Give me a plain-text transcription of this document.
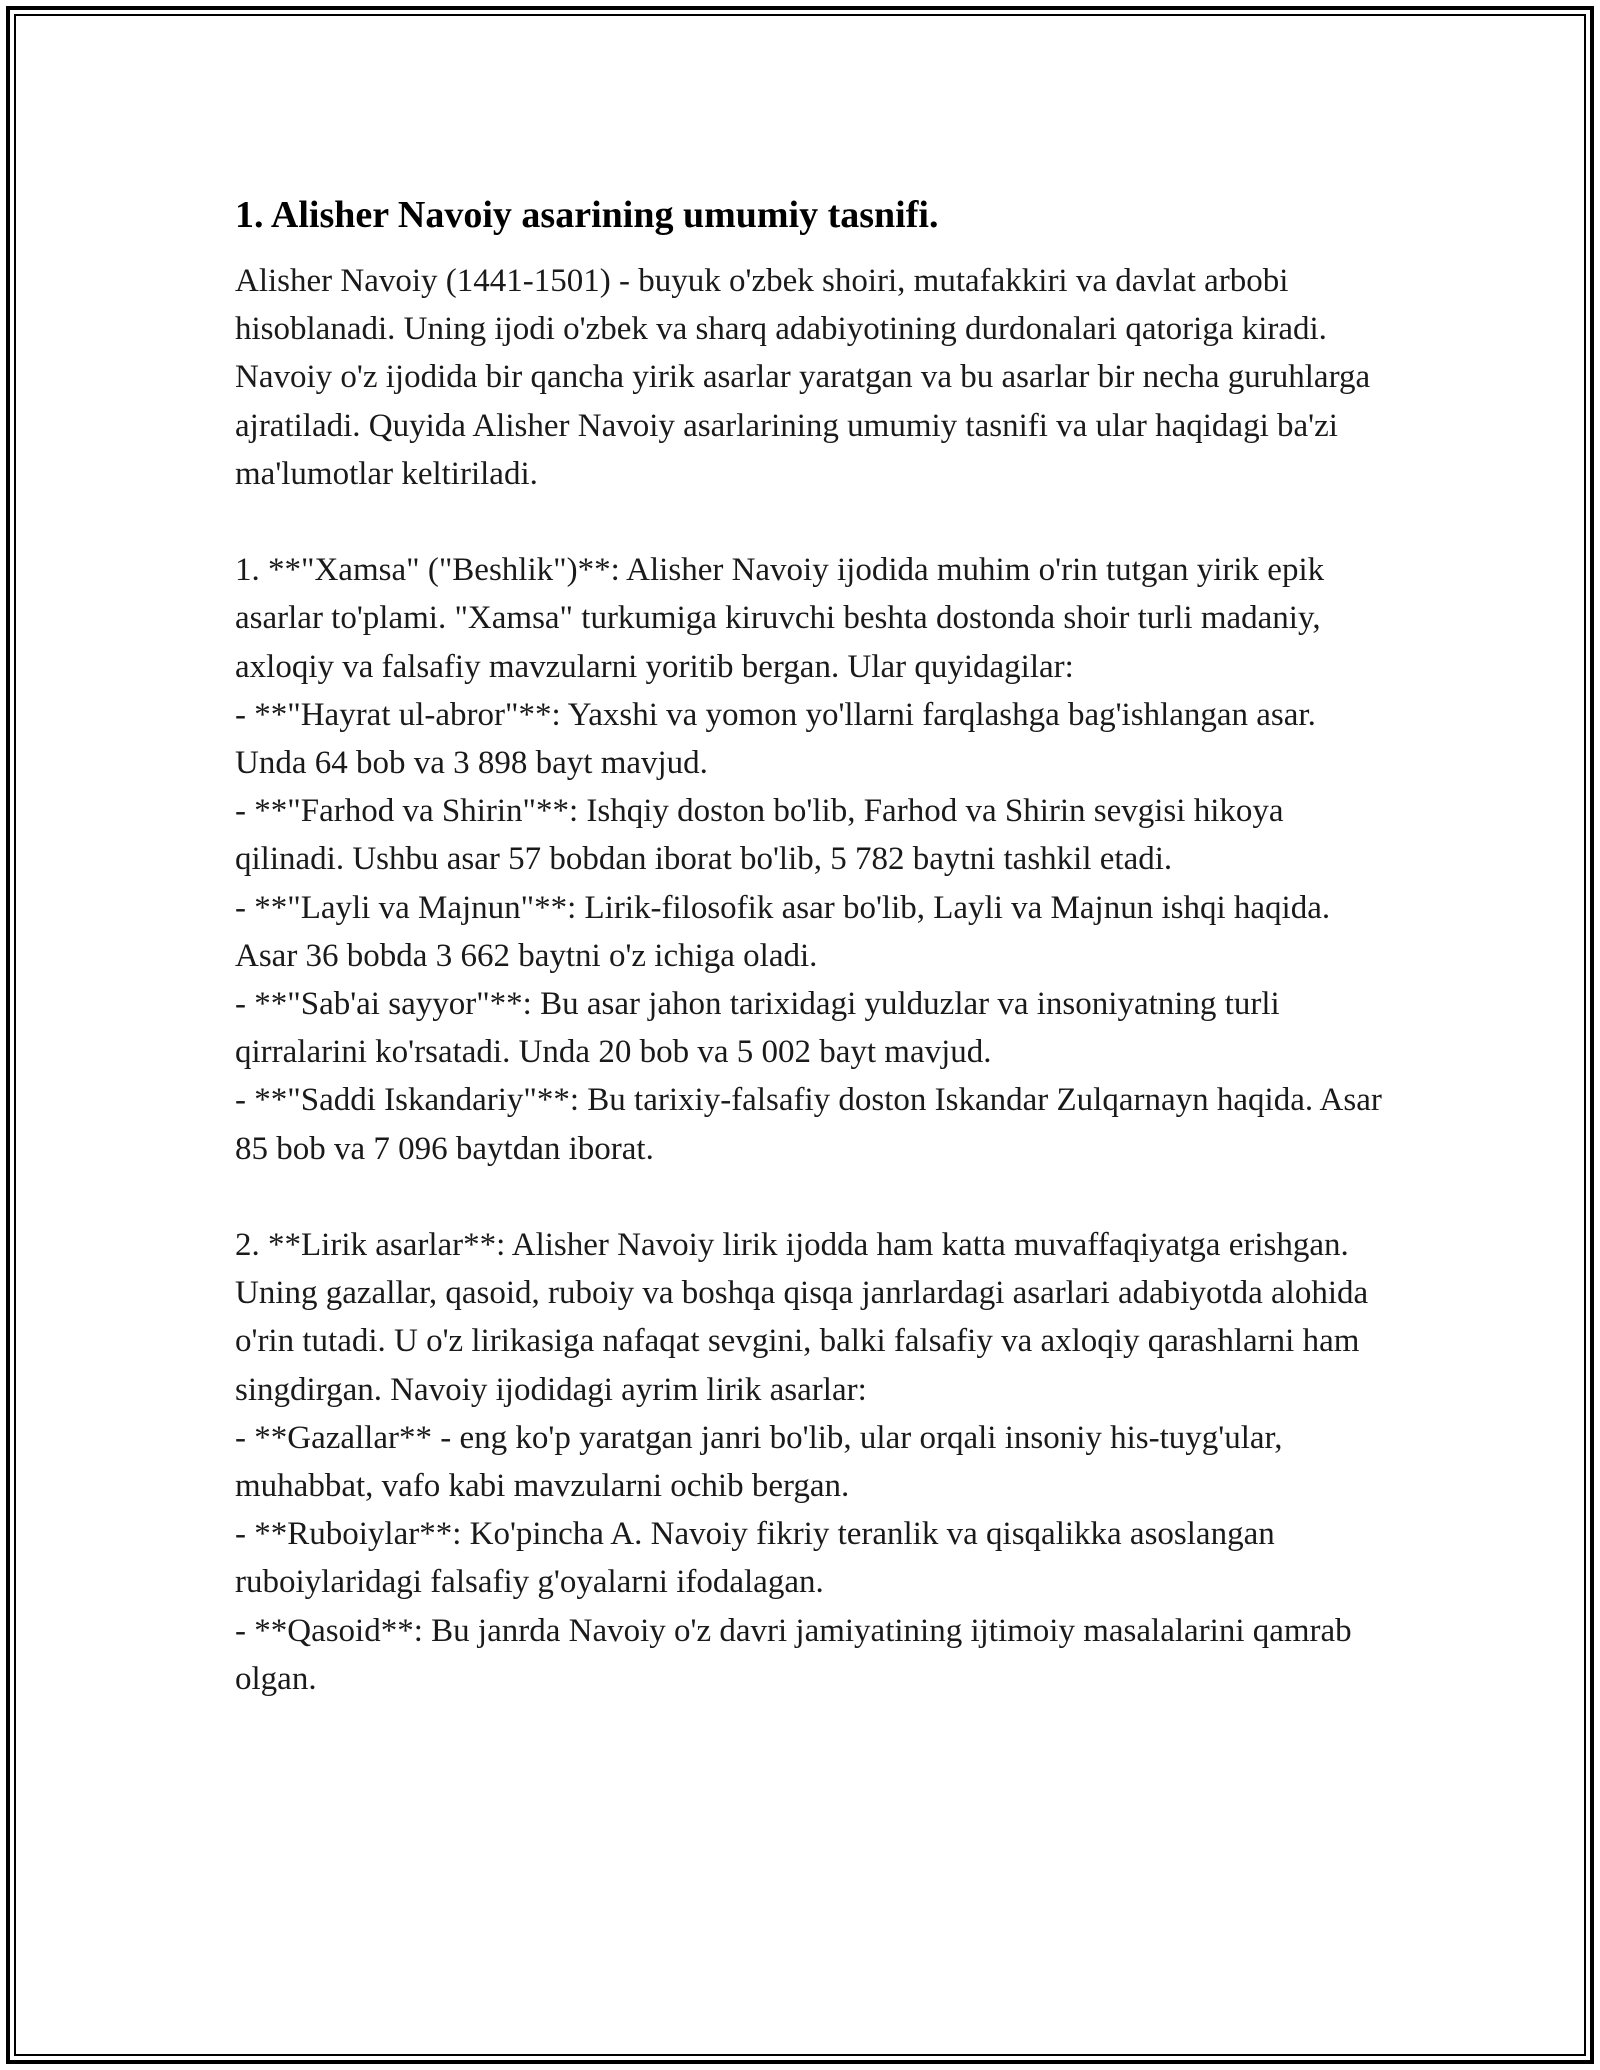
1. Alisher Navoiy asarining umumiy tasnifi.

Alisher Navoiy (1441-1501) - buyuk o'zbek shoiri, mutafakkiri va davlat arbobi hisoblanadi. Uning ijodi o'zbek va sharq adabiyotining durdonalari qatoriga kiradi. Navoiy o'z ijodida bir qancha yirik asarlar yaratgan va bu asarlar bir necha guruhlarga ajratiladi. Quyida Alisher Navoiy asarlarining umumiy tasnifi va ular haqidagi ba'zi ma'lumotlar keltiriladi.

1. **"Xamsa" ("Beshlik")**: Alisher Navoiy ijodida muhim o'rin tutgan yirik epik asarlar to'plami. "Xamsa" turkumiga kiruvchi beshta dostonda shoir turli madaniy, axloqiy va falsafiy mavzularni yoritib bergan. Ular quyidagilar:
- **"Hayrat ul-abror"**: Yaxshi va yomon yo'llarni farqlashga bag'ishlangan asar. Unda 64 bob va 3 898 bayt mavjud.
- **"Farhod va Shirin"**: Ishqiy doston bo'lib, Farhod va Shirin sevgisi hikoya qilinadi. Ushbu asar 57 bobdan iborat bo'lib, 5 782 baytni tashkil etadi.
- **"Layli va Majnun"**: Lirik-filosofik asar bo'lib, Layli va Majnun ishqi haqida. Asar 36 bobda 3 662 baytni o'z ichiga oladi.
- **"Sab'ai sayyor"**: Bu asar jahon tarixidagi yulduzlar va insoniyatning turli qirralarini ko'rsatadi. Unda 20 bob va 5 002 bayt mavjud.
- **"Saddi Iskandariy"**: Bu tarixiy-falsafiy doston Iskandar Zulqarnayn haqida. Asar 85 bob va 7 096 baytdan iborat.

2. **Lirik asarlar**: Alisher Navoiy lirik ijodda ham katta muvaffaqiyatga erishgan. Uning gazallar, qasoid, ruboiy va boshqa qisqa janrlardagi asarlari adabiyotda alohida o'rin tutadi. U o'z lirikasiga nafaqat sevgini, balki falsafiy va axloqiy qarashlarni ham singdirgan. Navoiy ijodidagi ayrim lirik asarlar:
- **Gazallar** - eng ko'p yaratgan janri bo'lib, ular orqali insoniy his-tuyg'ular, muhabbat, vafo kabi mavzularni ochib bergan.
- **Ruboiylar**: Ko'pincha A. Navoiy fikriy teranlik va qisqalikka asoslangan ruboiylaridagi falsafiy g'oyalarni ifodalagan.
- **Qasoid**: Bu janrda Navoiy o'z davri jamiyatining ijtimoiy masalalarini qamrab olgan.
